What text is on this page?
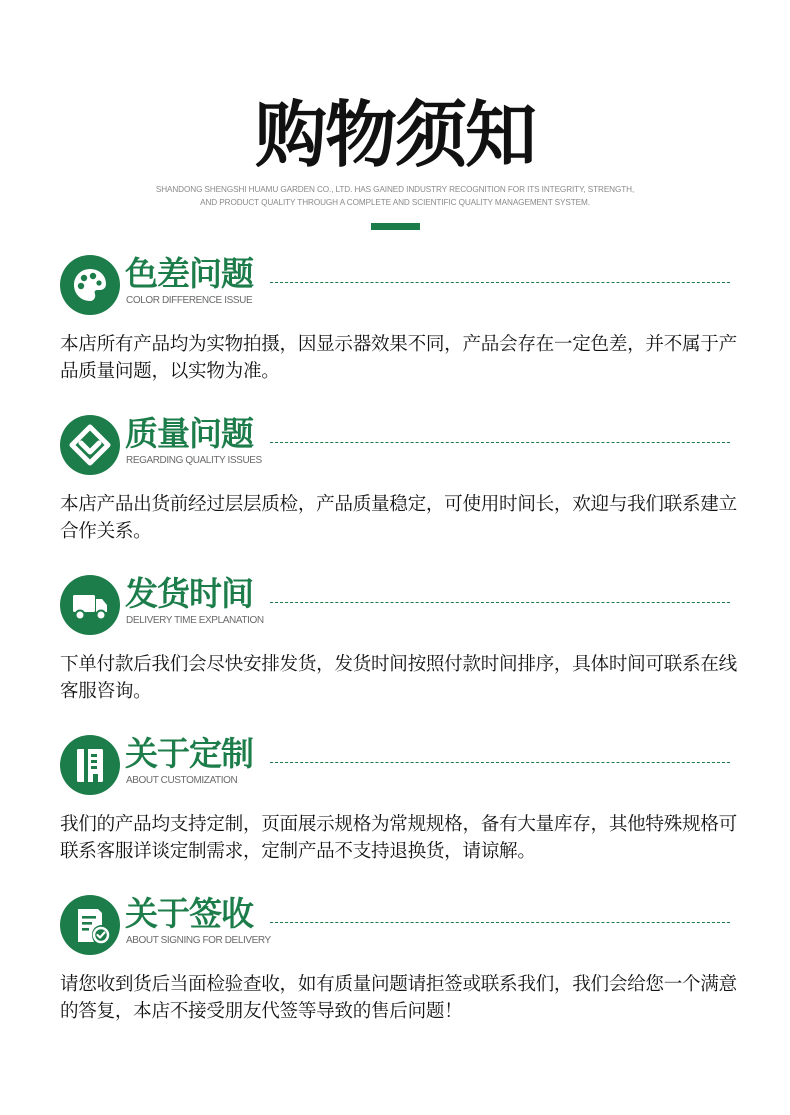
购物须知
SHANDONG SHENGSHI HUAMU GARDEN CO., LTD. HAS GAINED INDUSTRY RECOGNITION FOR ITS INTEGRITY, STRENGTH,
AND PRODUCT QUALITY THROUGH A COMPLETE AND SCIENTIFIC QUALITY MANAGEMENT SYSTEM.
色差问题
COLOR DIFFERENCE ISSUE
本店所有产品均为实物拍摄，因显示器效果不同，产品会存在一定色差，并不属于产品质量问题，以实物为准。
质量问题
REGARDING QUALITY ISSUES
本店产品出货前经过层层质检，产品质量稳定，可使用时间长，欢迎与我们联系建立合作关系。
发货时间
DELIVERY TIME EXPLANATION
下单付款后我们会尽快安排发货，发货时间按照付款时间排序，具体时间可联系在线客服咨询。
关于定制
ABOUT CUSTOMIZATION
我们的产品均支持定制，页面展示规格为常规规格，备有大量库存，其他特殊规格可联系客服详谈定制需求，定制产品不支持退换货，请谅解。
关于签收
ABOUT SIGNING FOR DELIVERY
请您收到货后当面检验查收，如有质量问题请拒签或联系我们，我们会给您一个满意的答复，本店不接受朋友代签等导致的售后问题！
